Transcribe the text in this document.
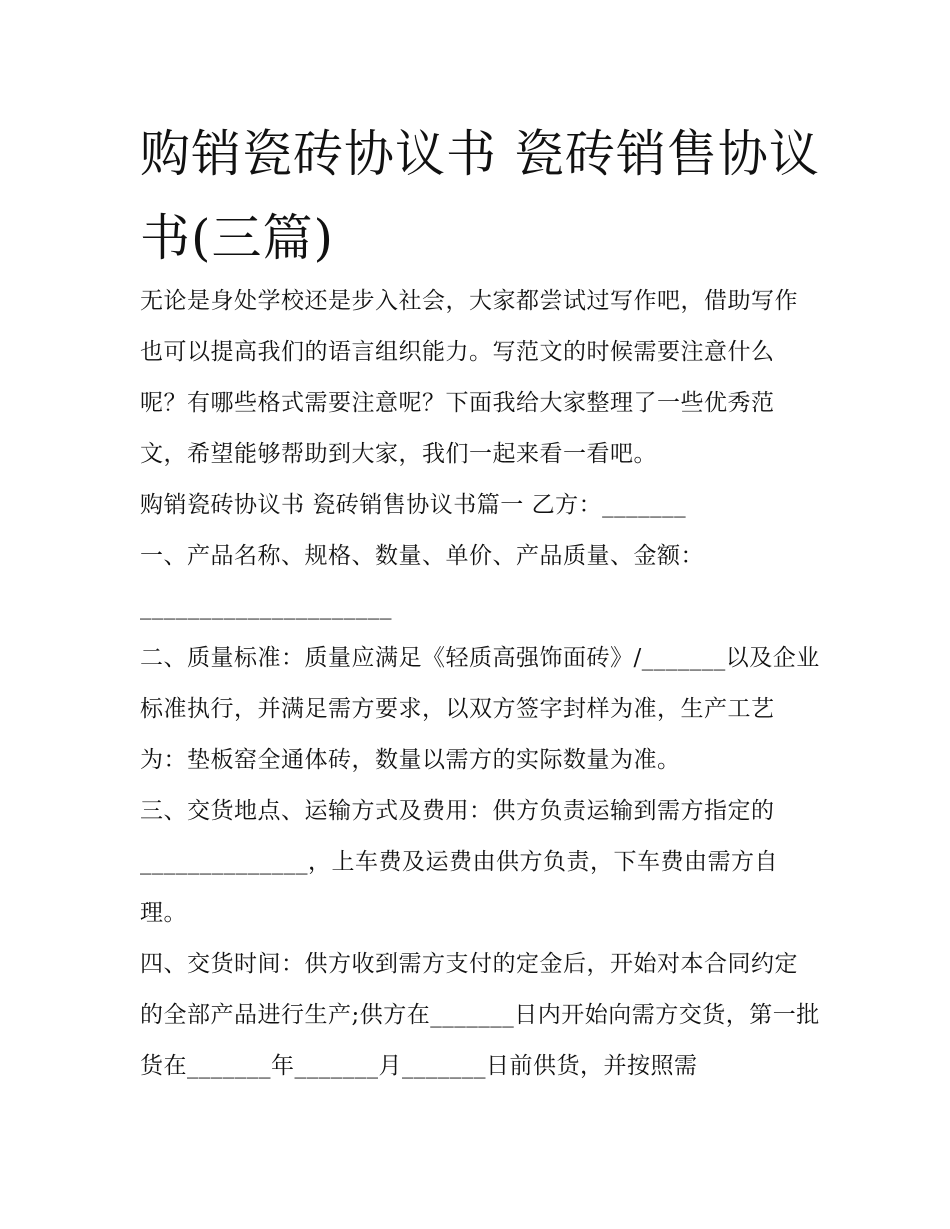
购销瓷砖协议书 瓷砖销售协议书(三篇)

无论是身处学校还是步入社会，大家都尝试过写作吧，借助写作也可以提高我们的语言组织能力。写范文的时候需要注意什么呢？有哪些格式需要注意呢？下面我给大家整理了一些优秀范文，希望能够帮助到大家，我们一起来看一看吧。

购销瓷砖协议书 瓷砖销售协议书篇一 乙方：_______

一、产品名称、规格、数量、单价、产品质量、金额：

_____________________

二、质量标准：质量应满足《轻质高强饰面砖》/_______以及企业标准执行，并满足需方要求，以双方签字封样为准，生产工艺为：垫板窑全通体砖，数量以需方的实际数量为准。

三、交货地点、运输方式及费用：供方负责运输到需方指定的______________，上车费及运费由供方负责，下车费由需方自理。

四、交货时间：供方收到需方支付的定金后，开始对本合同约定的全部产品进行生产;供方在_______日内开始向需方交货，第一批货在_______年_______月_______日前供货，并按照需
